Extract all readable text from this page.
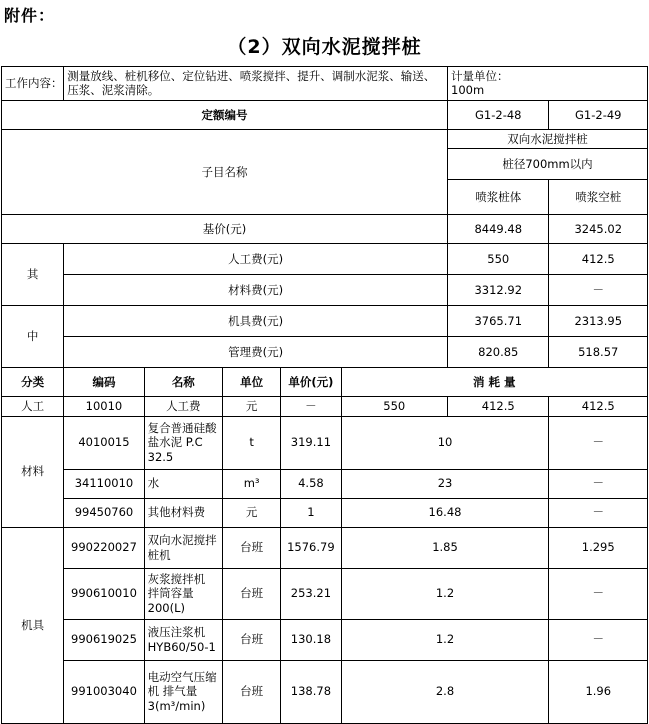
附件：
（2）双向水泥搅拌桩
工作内容：	测量放线、桩机移位、定位钻进、喷浆搅拌、提升、调制水泥浆、输送、压浆、泥浆清除。					计量单位：
100m	
定额编号						G1-2-48	G1-2-49
子目名称						双向水泥搅拌桩	
						桩径700mm以内	
						喷浆桩体	喷浆空桩
基价(元)						8449.48	3245.02
其	人工费(元)					550	412.5
	材料费(元)					3312.92	－
中	机具费(元)					3765.71	2313.95
	管理费(元)					820.85	518.57
分类	编码	名称	单位	单价(元)	消 耗 量		
人工	10010	人工费	元	－	550	412.5	412.5
材料	4010015	复合普通硅酸盐水泥 P.C 32.5	t	319.11	10		－
	34110010	水	m³	4.58	23		－
	99450760	其他材料费	元	1	16.48		－
机具	990220027	双向水泥搅拌桩机	台班	1576.79	1.85		1.295
	990610010	灰浆搅拌机 拌筒容量200(L)	台班	253.21	1.2		－
	990619025	液压注浆机 HYB60/50-1	台班	130.18	1.2		－
	991003040	电动空气压缩机 排气量3(m³/min)	台班	138.78	2.8		1.96
